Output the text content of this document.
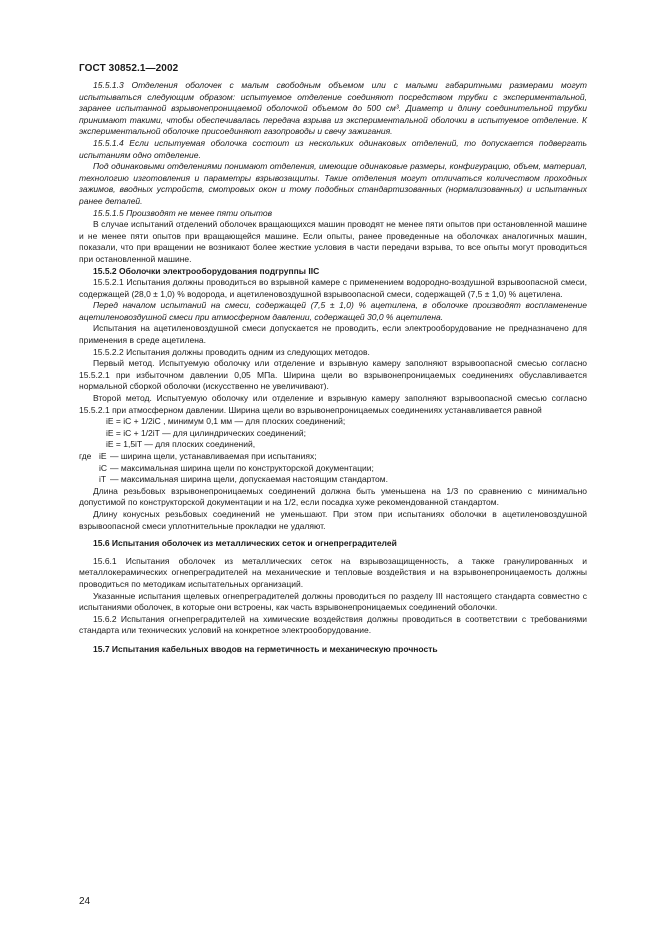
ГОСТ 30852.1—2002

15.5.1.3 Отделения оболочек с малым свободным объемом или с малыми габаритными размерами могут испытываться следующим образом: испытуемое отделение соединяют посредством трубки с экспериментальной, заранее испытанной взрывонепроницаемой оболочкой объемом до 500 см³. Диаметр и длину соединительной трубки принимают такими, чтобы обеспечивалась передача взрыва из экспериментальной оболочки в испытуемое отделение. К экспериментальной оболочке присоединяют газопроводы и свечу зажигания.

15.5.1.4 Если испытуемая оболочка состоит из нескольких одинаковых отделений, то допускается подвергать испытаниям одно отделение.

Под одинаковыми отделениями понимают отделения, имеющие одинаковые размеры, конфигурацию, объем, материал, технологию изготовления и параметры взрывозащиты. Такие отделения могут отличаться количеством проходных зажимов, вводных устройств, смотровых окон и тому подобных стандартизованных (нормализованных) и испытанных ранее деталей.

15.5.1.5 Производят не менее пяти опытов

В случае испытаний отделений оболочек вращающихся машин проводят не менее пяти опытов при остановленной машине и не менее пяти опытов при вращающейся машине. Если опыты, ранее проведенные на оболочках аналогичных машин, показали, что при вращении не возникают более жесткие условия в части передачи взрыва, то все опыты могут проводиться при остановленной машине.

15.5.2 Оболочки электрооборудования подгруппы IIC

15.5.2.1 Испытания должны проводиться во взрывной камере с применением водородно-воздушной взрывоопасной смеси, содержащей (28,0 ± 1,0) % водорода, и ацетиленовоздушной взрывоопасной смеси, содержащей (7,5 ± 1,0) % ацетилена.

Перед началом испытаний на смеси, содержащей (7,5 ± 1,0) % ацетилена, в оболочке производят воспламенение ацетиленовоздушной смеси при атмосферном давлении, содержащей 30,0 % ацетилена.

Испытания на ацетиленовоздушной смеси допускается не проводить, если электрооборудование не предназначено для применения в среде ацетилена.

15.5.2.2 Испытания должны проводить одним из следующих методов.

Первый метод. Испытуемую оболочку или отделение и взрывную камеру заполняют взрывоопасной смесью согласно 15.5.2.1 при избыточном давлении 0,05 МПа. Ширина щели во взрывонепроницаемых соединениях обуславливается нормальной сборкой оболочки (искусственно не увеличивают).

Второй метод. Испытуемую оболочку или отделение и взрывную камеру заполняют взрывоопасной смесью согласно 15.5.2.1 при атмосферном давлении. Ширина щели во взрывонепроницаемых соединениях устанавливается равной

iE = iC + 1/2iC , минимум 0,1 мм — для плоских соединений;

iE = iC + 1/2iT — для цилиндрических соединений;

iE = 1,5iT — для плоских соединений,

где iE — ширина щели, устанавливаемая при испытаниях;
iC — максимальная ширина щели по конструкторской документации;
iT — максимальная ширина щели, допускаемая настоящим стандартом.

Длина резьбовых взрывонепроницаемых соединений должна быть уменьшена на 1/3 по сравнению с минимально допустимой по конструкторской документации и на 1/2, если посадка хуже рекомендованной стандартом.

Длину конусных резьбовых соединений не уменьшают. При этом при испытаниях оболочки в ацетиленовоздушной взрывоопасной смеси уплотнительные прокладки не удаляют.

15.6 Испытания оболочек из металлических сеток и огнепреградителей

15.6.1 Испытания оболочек из металлических сеток на взрывозащищенность, а также гранулированных и металлокерамических огнепреградителей на механические и тепловые воздействия и на взрывонепроницаемость должны проводиться по методикам испытательных организаций.

Указанные испытания щелевых огнепреградителей должны проводиться по разделу III настоящего стандарта совместно с испытаниями оболочек, в которые они встроены, как часть взрывонепроницаемых соединений оболочки.

15.6.2 Испытания огнепреградителей на химические воздействия должны проводиться в соответствии с требованиями стандарта или технических условий на конкретное электрооборудование.

15.7 Испытания кабельных вводов на герметичность и механическую прочность

24
